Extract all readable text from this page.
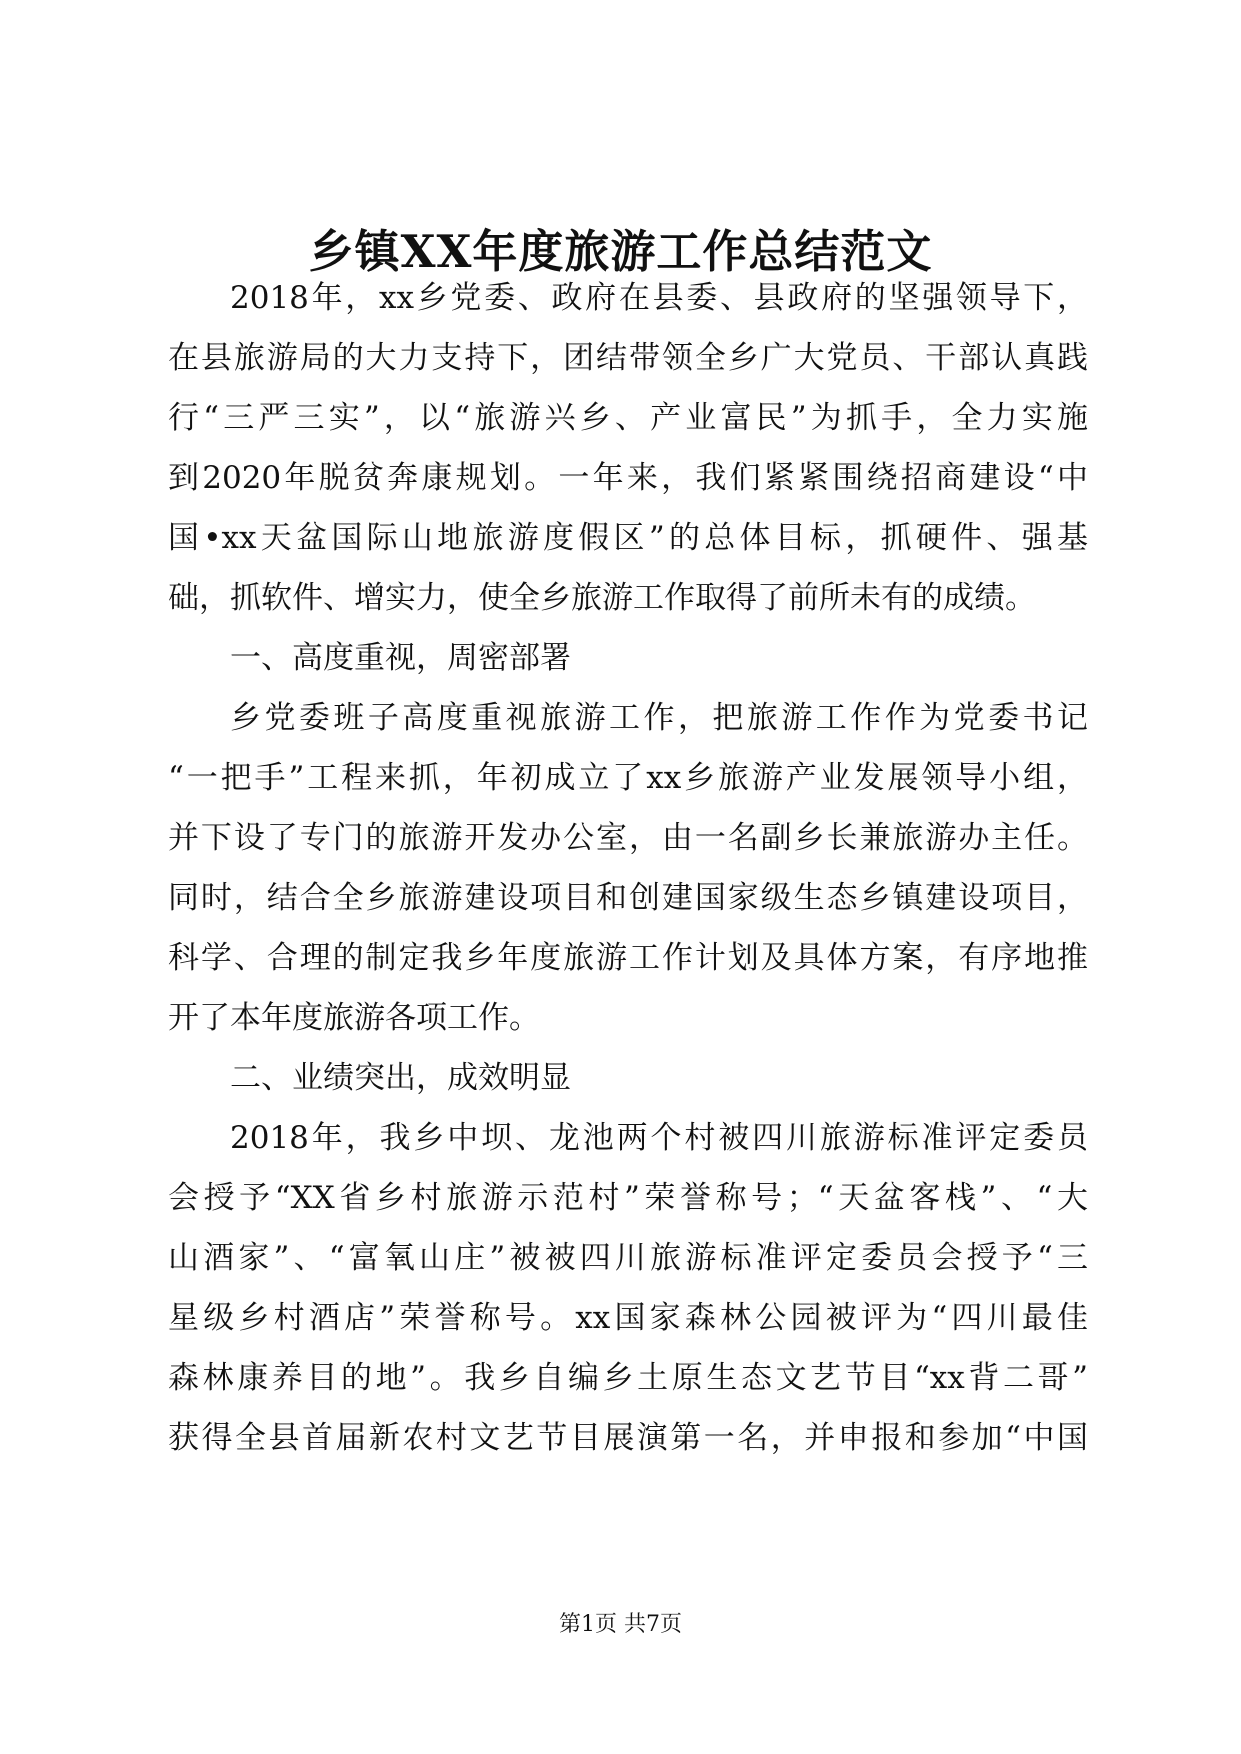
乡镇XX年度旅游工作总结范文
2018年，xx乡党委、政府在县委、县政府的坚强领导下，
在县旅游局的大力支持下，团结带领全乡广大党员、干部认真践
行“三严三实”，以“旅游兴乡、产业富民”为抓手，全力实施
到2020年脱贫奔康规划。一年来，我们紧紧围绕招商建设“中
国•xx天盆国际山地旅游度假区”的总体目标，抓硬件、强基
础，抓软件、增实力，使全乡旅游工作取得了前所未有的成绩。
一、高度重视，周密部署
乡党委班子高度重视旅游工作，把旅游工作作为党委书记
“一把手”工程来抓，年初成立了xx乡旅游产业发展领导小组，
并下设了专门的旅游开发办公室，由一名副乡长兼旅游办主任。
同时，结合全乡旅游建设项目和创建国家级生态乡镇建设项目，
科学、合理的制定我乡年度旅游工作计划及具体方案，有序地推
开了本年度旅游各项工作。
二、业绩突出，成效明显
2018年，我乡中坝、龙池两个村被四川旅游标准评定委员
会授予“XX省乡村旅游示范村”荣誉称号；“天盆客栈”、“大
山酒家”、“富氧山庄”被被四川旅游标准评定委员会授予“三
星级乡村酒店”荣誉称号。xx国家森林公园被评为“四川最佳
森林康养目的地”。我乡自编乡土原生态文艺节目“xx背二哥”
获得全县首届新农村文艺节目展演第一名，并申报和参加“中国
第1页 共7页
